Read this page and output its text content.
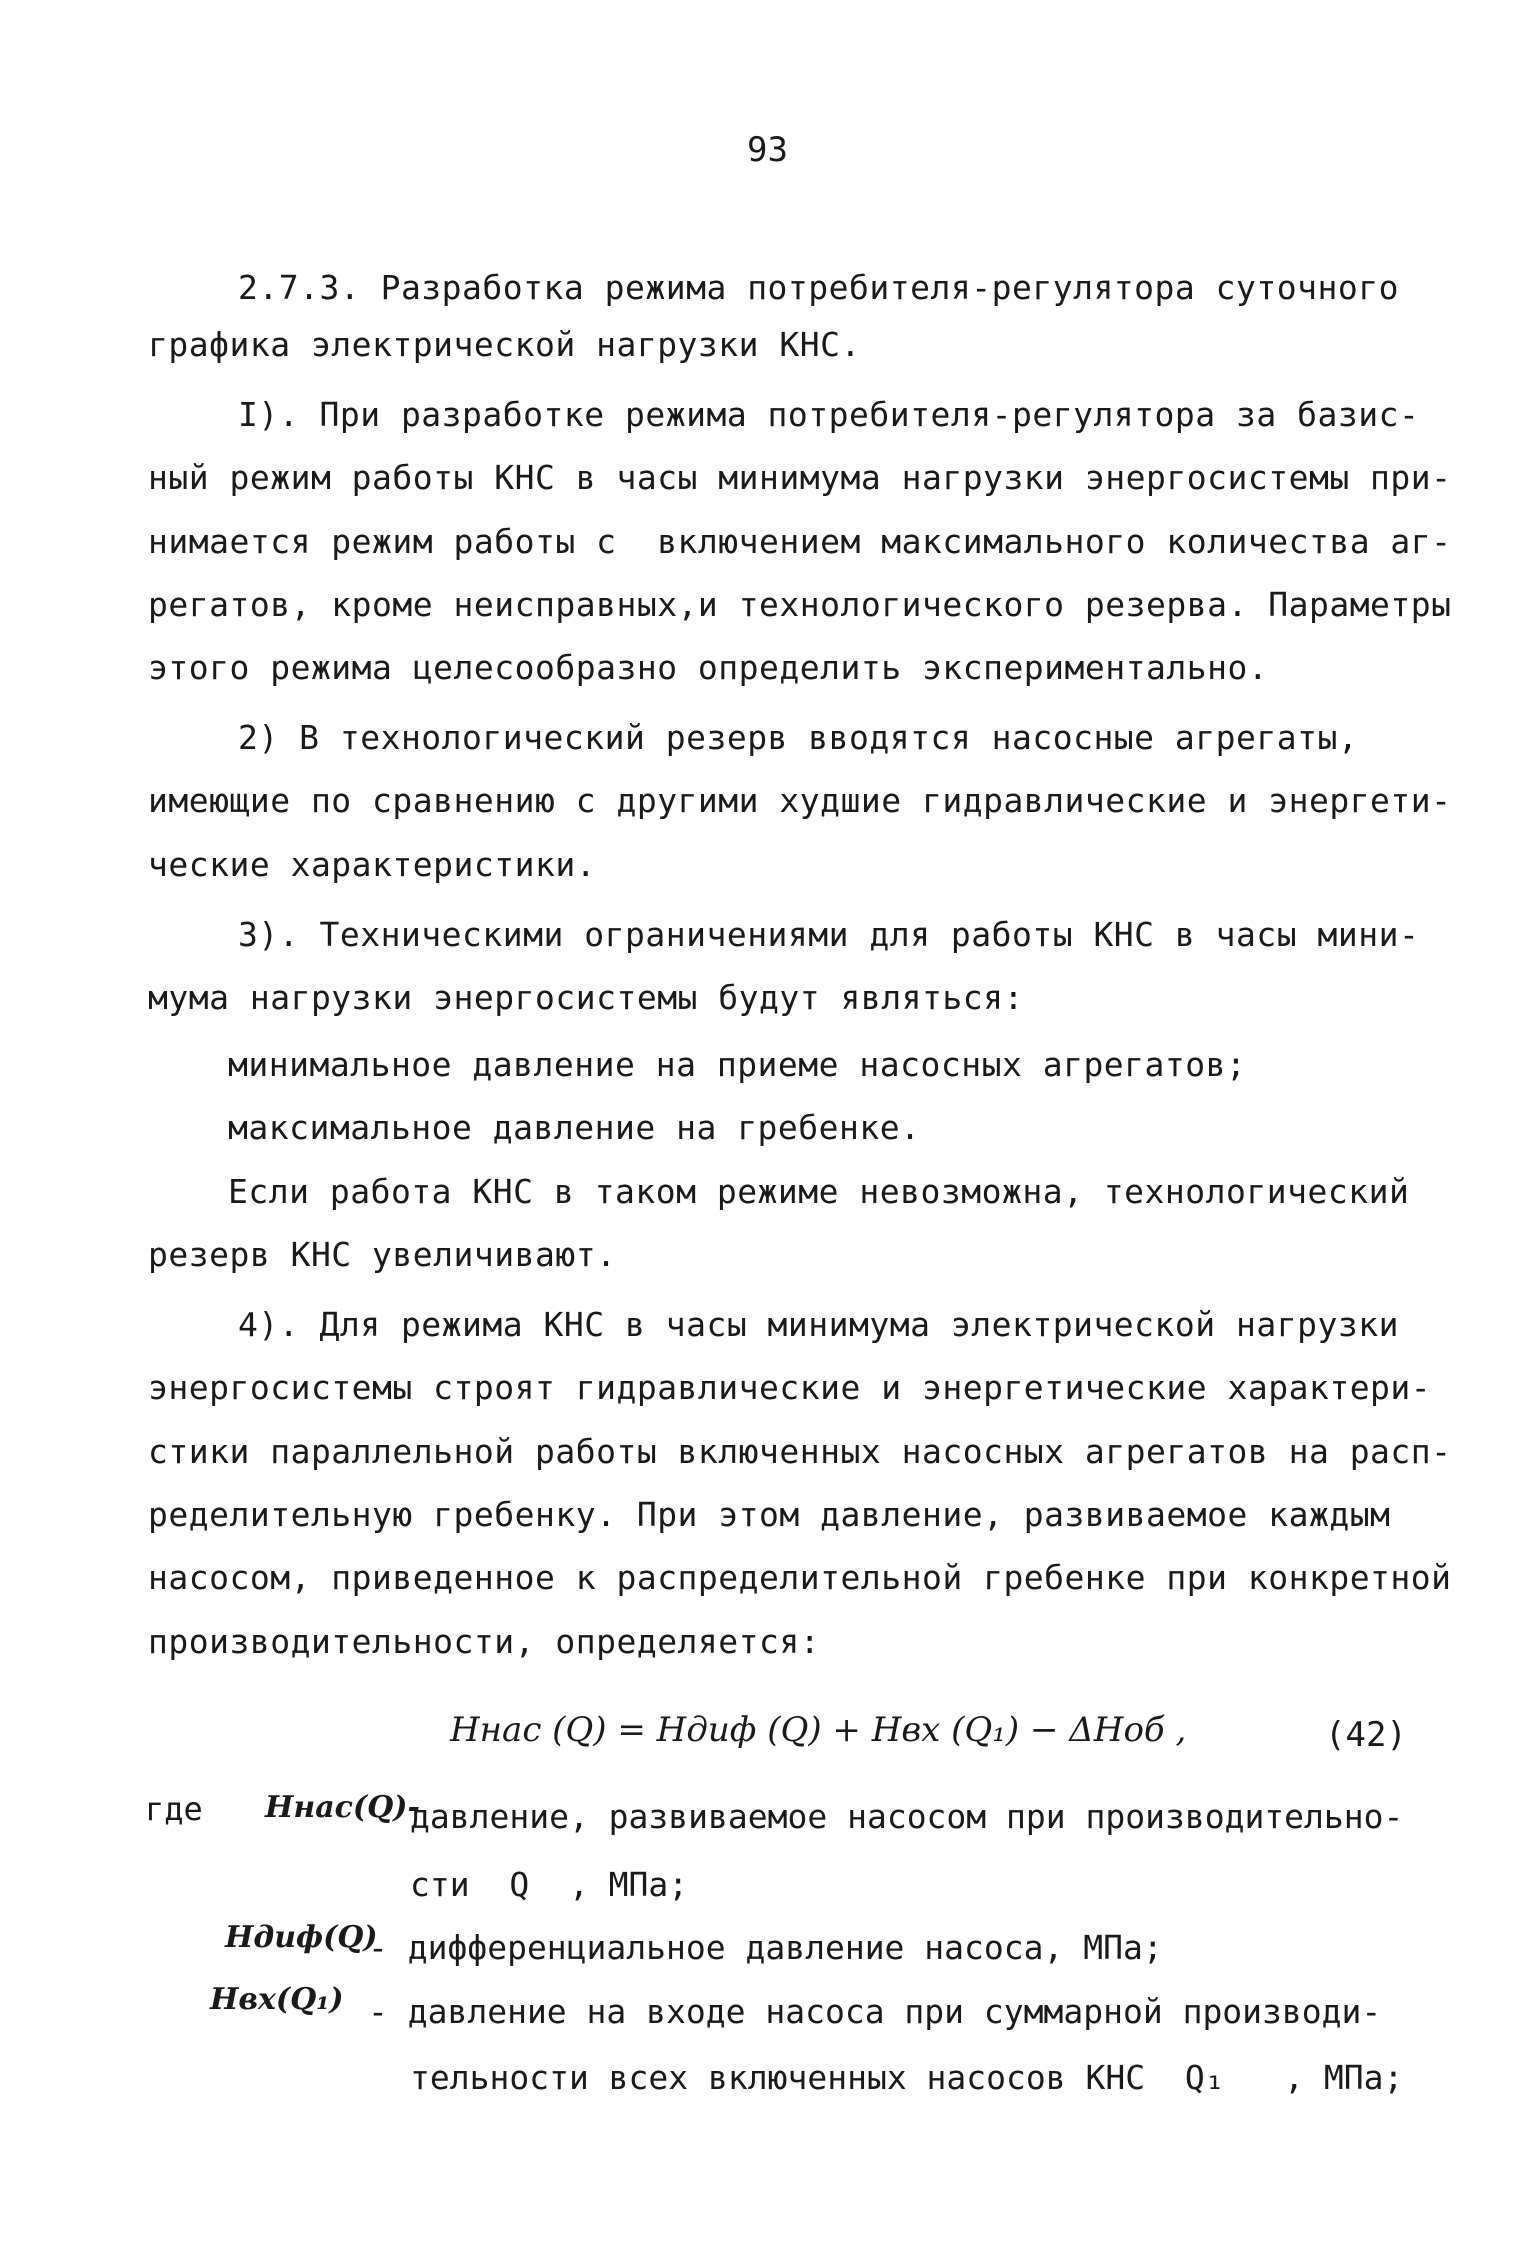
93
2.7.3. Разработка режима потребителя-регулятора суточного
графика электрической нагрузки КНС.
I). При разработке режима потребителя-регулятора за базис-
ный режим работы КНС в часы минимума нагрузки энергосистемы при-
нимается режим работы с  включением максимального количества аг-
регатов, кроме неисправных,и технологического резерва. Параметры
этого режима целесообразно определить экспериментально.
2) В технологический резерв вводятся насосные агрегаты,
имеющие по сравнению с другими худшие гидравлические и энергети-
ческие характеристики.
3). Техническими ограничениями для работы КНС в часы мини-
мума нагрузки энергосистемы будут являться:
минимальное давление на приеме насосных агрегатов;
максимальное давление на гребенке.
Если работа КНС в таком режиме невозможна, технологический
резерв КНС увеличивают.
4). Для режима КНС в часы минимума электрической нагрузки
энергосистемы строят гидравлические и энергетические характери-
стики параллельной работы включенных насосных агрегатов на расп-
ределительную гребенку. При этом давление, развиваемое каждым
насосом, приведенное к распределительной гребенке при конкретной
производительности, определяется:
Hнас (Q) = Hдиф (Q) + Hвх (Q₁) − ΔHоб ,	(42)
где Hнас(Q)-
давление, развиваемое насосом при производительно-
сти  Q  , МПа;
Hдиф(Q)
- дифференциальное давление насоса, МПа;
Hвх(Q₁) - давление на входе насоса при суммарной производи-
тельности всех включенных насосов КНС  Q₁   , МПа;
